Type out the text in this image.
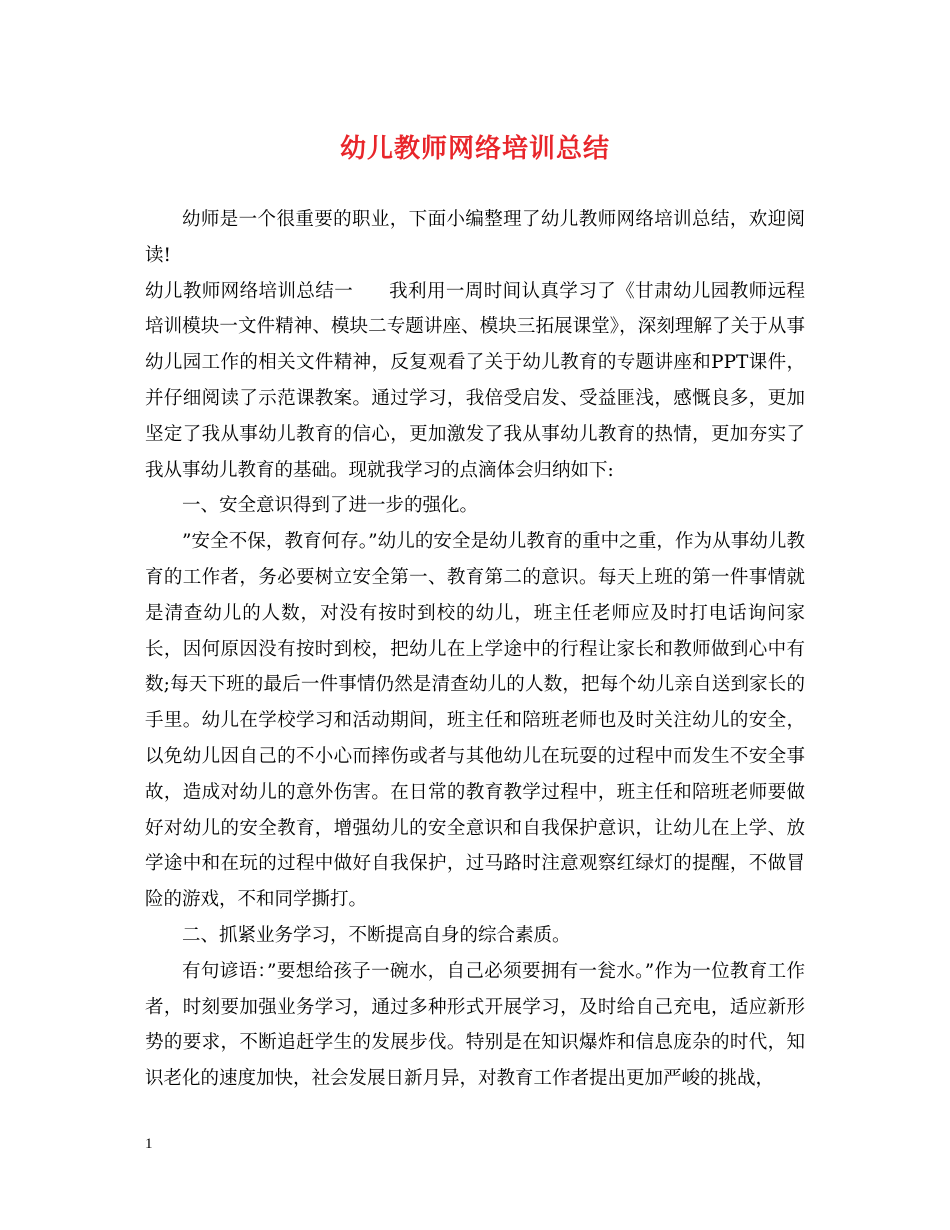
幼儿教师网络培训总结

幼师是一个很重要的职业，下面小编整理了幼儿教师网络培训总结，欢迎阅读!

幼儿教师网络培训总结一 我利用一周时间认真学习了《甘肃幼儿园教师远程培训模块一文件精神、模块二专题讲座、模块三拓展课堂》，深刻理解了关于从事幼儿园工作的相关文件精神，反复观看了关于幼儿教育的专题讲座和PPT课件，并仔细阅读了示范课教案。通过学习，我倍受启发、受益匪浅，感慨良多，更加坚定了我从事幼儿教育的信心，更加激发了我从事幼儿教育的热情，更加夯实了我从事幼儿教育的基础。现就我学习的点滴体会归纳如下:

一、安全意识得到了进一步的强化。

”安全不保，教育何存。”幼儿的安全是幼儿教育的重中之重，作为从事幼儿教育的工作者，务必要树立安全第一、教育第二的意识。每天上班的第一件事情就是清查幼儿的人数，对没有按时到校的幼儿，班主任老师应及时打电话询问家长，因何原因没有按时到校，把幼儿在上学途中的行程让家长和教师做到心中有数;每天下班的最后一件事情仍然是清查幼儿的人数，把每个幼儿亲自送到家长的手里。幼儿在学校学习和活动期间，班主任和陪班老师也及时关注幼儿的安全，以免幼儿因自己的不小心而摔伤或者与其他幼儿在玩耍的过程中而发生不安全事故，造成对幼儿的意外伤害。在日常的教育教学过程中，班主任和陪班老师要做好对幼儿的安全教育，增强幼儿的安全意识和自我保护意识，让幼儿在上学、放学途中和在玩的过程中做好自我保护，过马路时注意观察红绿灯的提醒，不做冒险的游戏，不和同学撕打。

二、抓紧业务学习，不断提高自身的综合素质。

有句谚语：”要想给孩子一碗水，自己必须要拥有一瓮水。”作为一位教育工作者，时刻要加强业务学习，通过多种形式开展学习，及时给自己充电，适应新形势的要求，不断追赶学生的发展步伐。特别是在知识爆炸和信息庞杂的时代，知识老化的速度加快，社会发展日新月异，对教育工作者提出更加严峻的挑战，

1
